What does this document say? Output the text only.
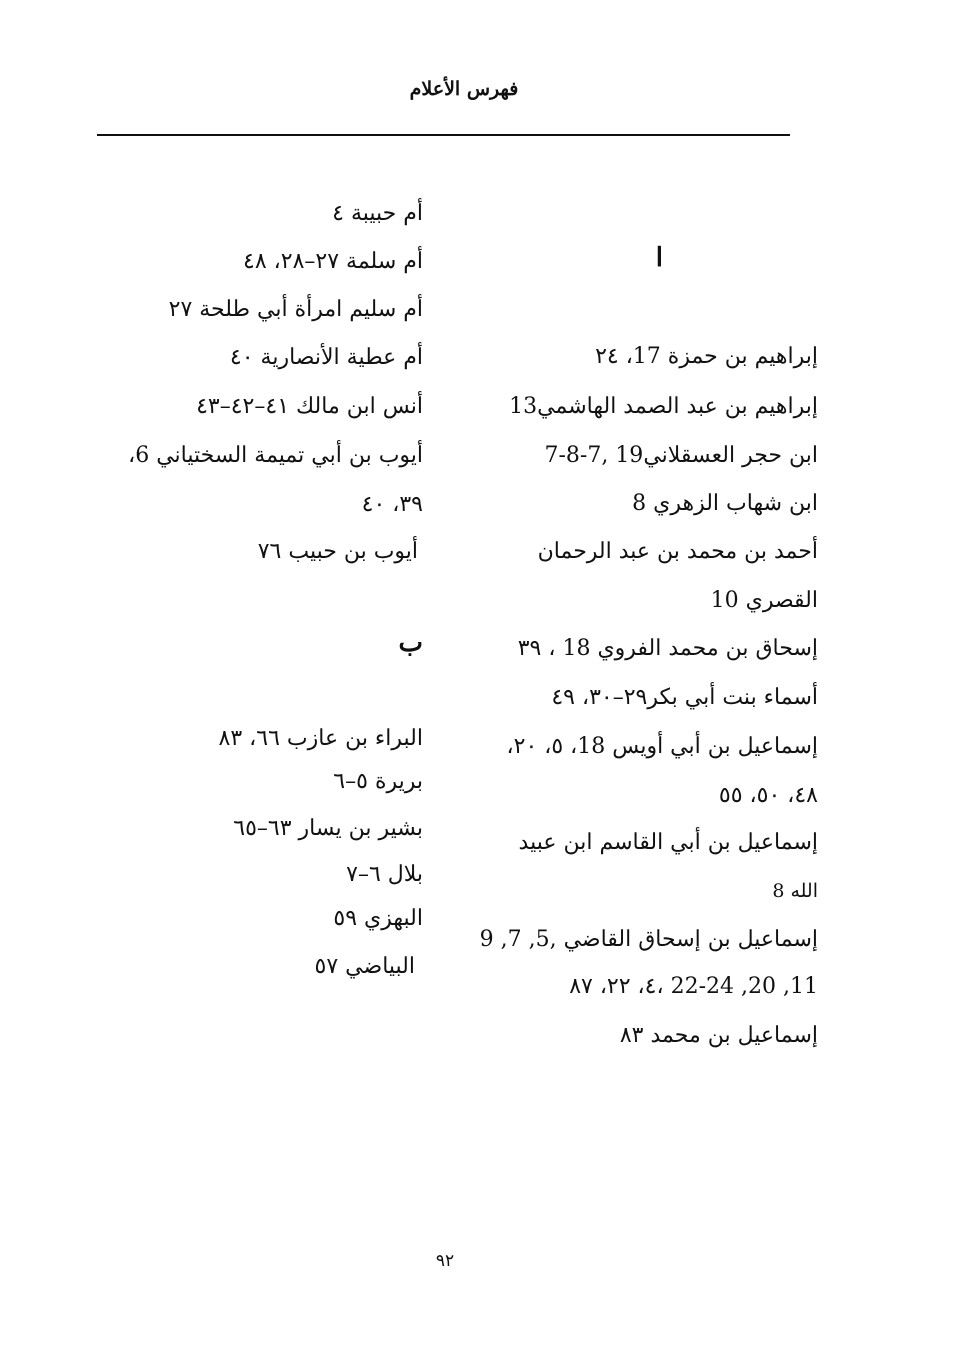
فهرس الأعلام
ا
إبراهيم بن حمزة 17، ٢٤
إبراهيم بن عبد الصمد الهاشمي13
ابن حجر العسقلاني19 ,7-8-7
ابن شهاب الزهري 8
أحمد بن محمد بن عبد الرحمان
القصري 10
إسحاق بن محمد الفروي 18 ، ٣٩
أسماء بنت أبي بكر٢٩–٣٠، ٤٩
إسماعيل بن أبي أويس 18، ٥، ٢٠،
٤٨، ٥٠، ٥٥
إسماعيل بن أبي القاسم ابن عبيد
الله 8
إسماعيل بن إسحاق القاضي ,5, 7, 9
11, 20, 22-24 ،٤، ٢٢، ٨٧
إسماعيل بن محمد ٨٣
أم حبيبة ٤
أم سلمة ٢٧–٢٨، ٤٨
أم سليم امرأة أبي طلحة ٢٧
أم عطية الأنصارية ٤٠
أنس ابن مالك ٤١–٤٢–٤٣
أيوب بن أبي تميمة السختياني 6،
٣٩، ٤٠
أيوب بن حبيب ٧٦
ب
البراء بن عازب ٦٦، ٨٣
بريرة ٥–٦
بشير بن يسار ٦٣–٦٥
بلال ٦–٧
البهزي ٥٩
البياضي ٥٧
٩٢
